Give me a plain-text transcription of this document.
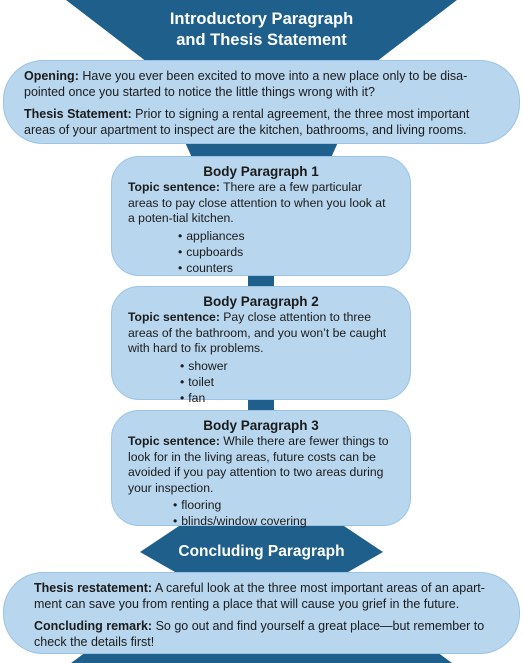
Introductory Paragraph
and Thesis Statement

Opening: Have you ever been excited to move into a new place only to be disa-pointed once you started to notice the little things wrong with it?

Thesis Statement: Prior to signing a rental agreement, the three most important areas of your apartment to inspect are the kitchen, bathrooms, and living rooms.

Body Paragraph 1
Topic sentence: There are a few particular areas to pay close attention to when you look at a poten-tial kitchen.
• appliances
• cupboards
• counters
Body Paragraph 2
Topic sentence: Pay close attention to three areas of the bathroom, and you won’t be caught with hard to fix problems.
• shower
• toilet
• fan
Body Paragraph 3
Topic sentence: While there are fewer things to look for in the living areas, future costs can be avoided if you pay attention to two areas during your inspection.
• flooring
• blinds/window covering
Concluding Paragraph

Thesis restatement: A careful look at the three most important areas of an apart-ment can save you from renting a place that will cause you grief in the future.

Concluding remark: So go out and find yourself a great place—but remember to check the details first!
